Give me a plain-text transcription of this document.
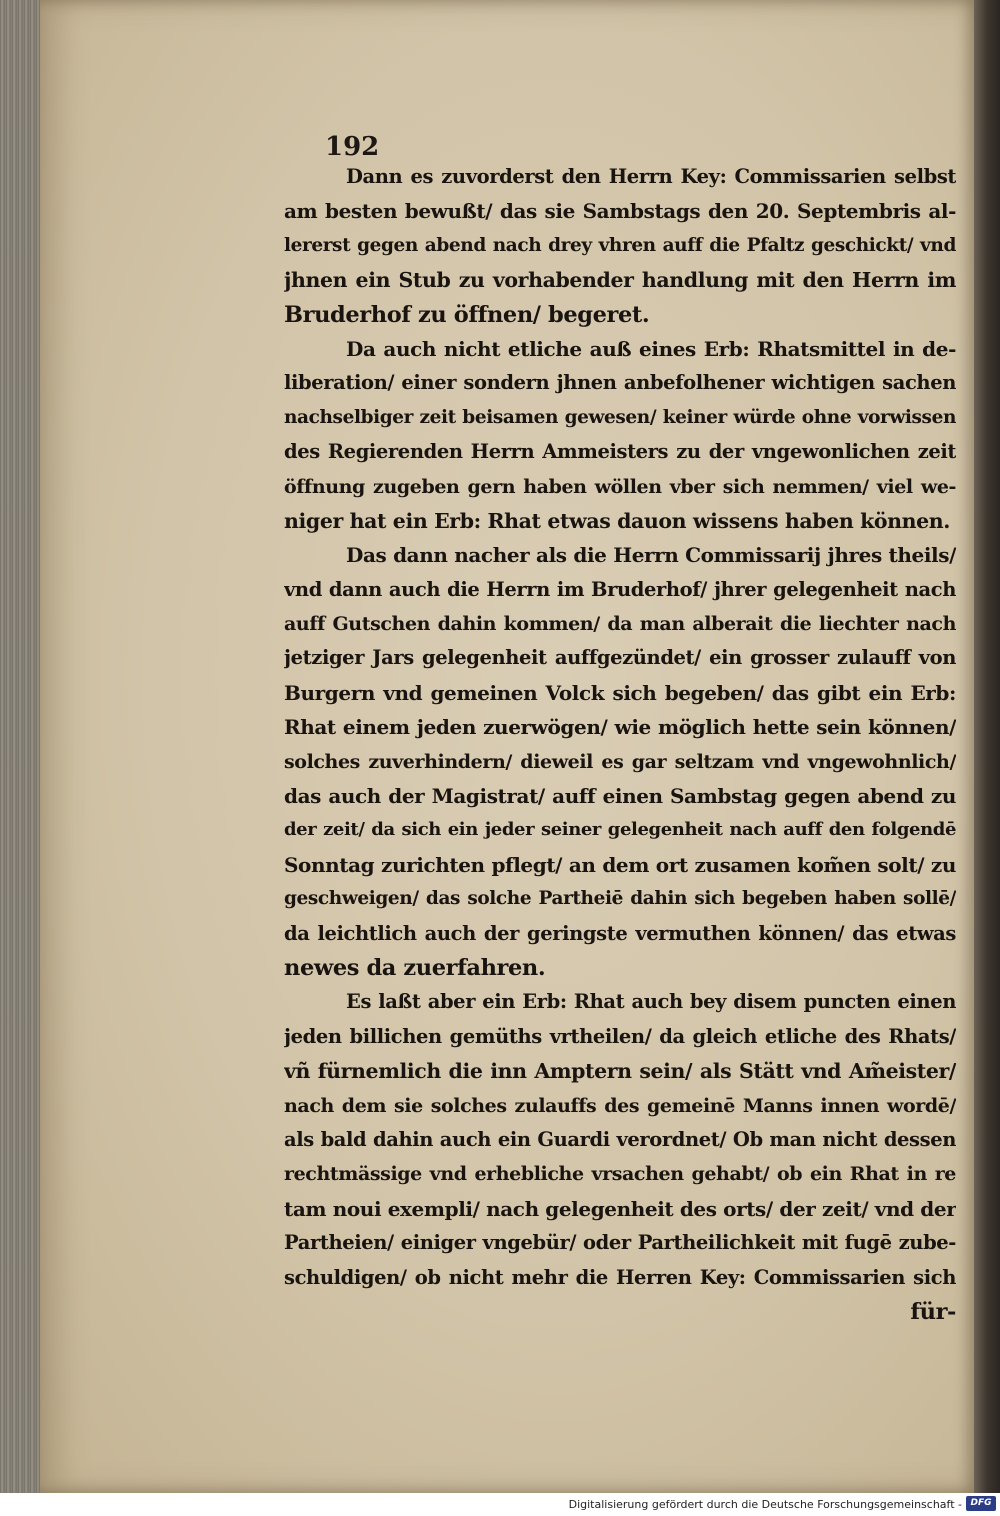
192
Dann es zuvorderst den Herrn Key: Commissarien selbst
am besten bewußt/ das sie Sambstags den 20. Septembris al-
lererst gegen abend nach drey vhren auff die Pfaltz geschickt/ vnd
jhnen ein Stub zu vorhabender handlung mit den Herrn im
Bruderhof zu öffnen/ begeret.
Da auch nicht etliche auß eines Erb: Rhatsmittel in de-
liberation/ einer sondern jhnen anbefolhener wichtigen sachen
nachselbiger zeit beisamen gewesen/ keiner würde ohne vorwissen
des Regierenden Herrn Ammeisters zu der vngewonlichen zeit
öffnung zugeben gern haben wöllen vber sich nemmen/ viel we-
niger hat ein Erb: Rhat etwas dauon wissens haben können.
Das dann nacher als die Herrn Commissarij jhres theils/
vnd dann auch die Herrn im Bruderhof/ jhrer gelegenheit nach
auff Gutschen dahin kommen/ da man alberait die liechter nach
jetziger Jars gelegenheit auffgezündet/ ein grosser zulauff von
Burgern vnd gemeinen Volck sich begeben/ das gibt ein Erb:
Rhat einem jeden zuerwögen/ wie möglich hette sein können/
solches zuverhindern/ dieweil es gar seltzam vnd vngewohnlich/
das auch der Magistrat/ auff einen Sambstag gegen abend zu
der zeit/ da sich ein jeder seiner gelegenheit nach auff den folgendē
Sonntag zurichten pflegt/ an dem ort zusamen kom̃en solt/ zu
geschweigen/ das solche Partheiē dahin sich begeben haben sollē/
da leichtlich auch der geringste vermuthen können/ das etwas
newes da zuerfahren.
Es laßt aber ein Erb: Rhat auch bey disem puncten einen
jeden billichen gemüths vrtheilen/ da gleich etliche des Rhats/
vñ fürnemlich die inn Amptern sein/ als Stätt vnd Am̃eister/
nach dem sie solches zulauffs des gemeinē Manns innen wordē/
als bald dahin auch ein Guardi verordnet/ Ob man nicht dessen
rechtmässige vnd erhebliche vrsachen gehabt/ ob ein Rhat in re
tam noui exempli/ nach gelegenheit des orts/ der zeit/ vnd der
Partheien/ einiger vngebür/ oder Partheilichkeit mit fugē zube-
schuldigen/ ob nicht mehr die Herren Key: Commissarien sich
für-
Digitalisierung gefördert durch die Deutsche Forschungsgemeinschaft - DFG
